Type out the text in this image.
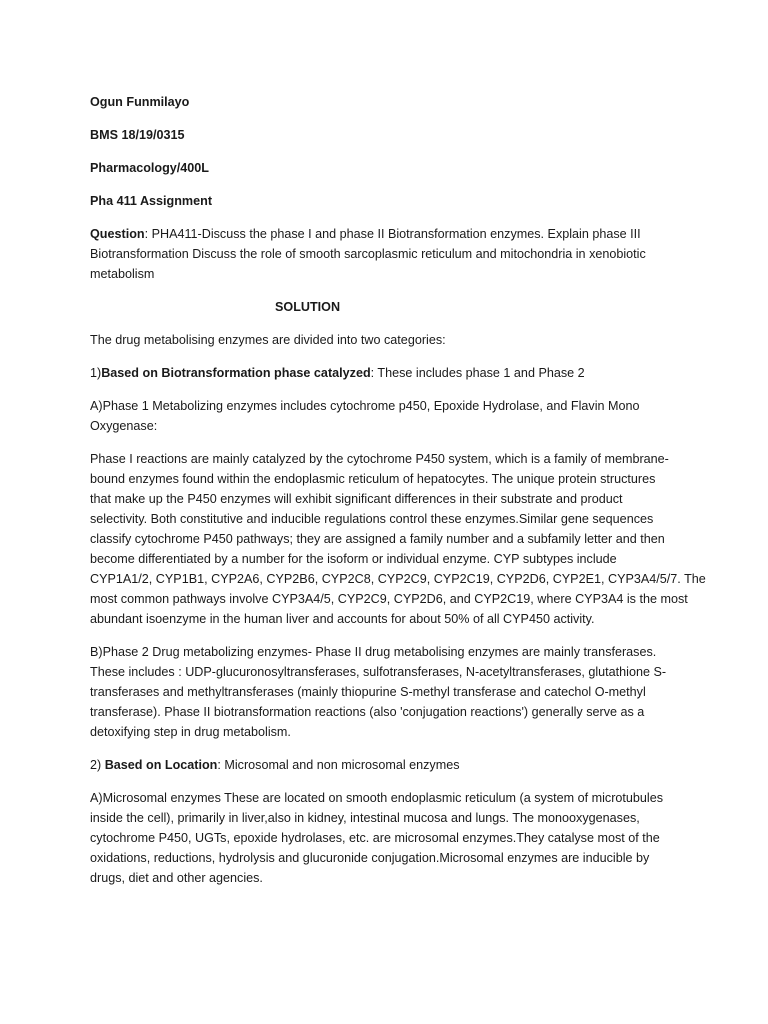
Ogun Funmilayo

BMS 18/19/0315

Pharmacology/400L

Pha 411 Assignment

Question: PHA411-Discuss the phase I and phase II Biotransformation enzymes. Explain phase III

Biotransformation Discuss the role of smooth sarcoplasmic reticulum and mitochondria in xenobiotic

metabolism

SOLUTION

The drug metabolising enzymes are divided into two categories:

1)Based on Biotransformation phase catalyzed: These includes phase 1 and Phase 2

A)Phase 1 Metabolizing enzymes includes cytochrome p450, Epoxide Hydrolase, and Flavin Mono

Oxygenase:

Phase I reactions are mainly catalyzed by the cytochrome P450 system, which is a family of membrane-

bound enzymes found within the endoplasmic reticulum of hepatocytes. The unique protein structures

that make up the P450 enzymes will exhibit significant differences in their substrate and product

selectivity. Both constitutive and inducible regulations control these enzymes.Similar gene sequences

classify cytochrome P450 pathways; they are assigned a family number and a subfamily letter and then

become differentiated by a number for the isoform or individual enzyme. CYP subtypes include

CYP1A1/2, CYP1B1, CYP2A6, CYP2B6, CYP2C8, CYP2C9, CYP2C19, CYP2D6, CYP2E1, CYP3A4/5/7. The

most common pathways involve CYP3A4/5, CYP2C9, CYP2D6, and CYP2C19, where CYP3A4 is the most

abundant isoenzyme in the human liver and accounts for about 50% of all CYP450 activity.

B)Phase 2 Drug metabolizing enzymes- Phase II drug metabolising enzymes are mainly transferases.

These includes : UDP-glucuronosyltransferases, sulfotransferases, N-acetyltransferases, glutathione S-

transferases and methyltransferases (mainly thiopurine S-methyl transferase and catechol O-methyl

transferase). Phase II biotransformation reactions (also 'conjugation reactions') generally serve as a

detoxifying step in drug metabolism.

2) Based on Location: Microsomal and non microsomal enzymes

A)Microsomal enzymes These are located on smooth endoplasmic reticulum (a system of microtubules

inside the cell), primarily in liver,also in kidney, intestinal mucosa and lungs. The monooxygenases,

cytochrome P450, UGTs, epoxide hydrolases, etc. are microsomal enzymes.They catalyse most of the

oxidations, reductions, hydrolysis and glucuronide conjugation.Microsomal enzymes are inducible by

drugs, diet and other agencies.
